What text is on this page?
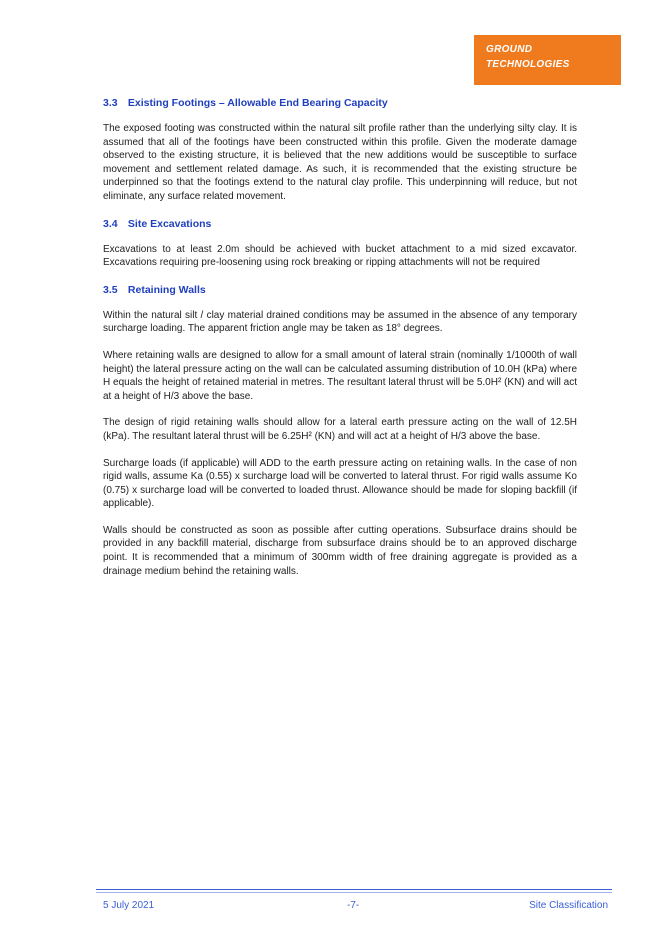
GROUND
TECHNOLOGIES
3.3 Existing Footings – Allowable End Bearing Capacity

The exposed footing was constructed within the natural silt profile rather than the underlying silty clay. It is assumed that all of the footings have been constructed within this profile. Given the moderate damage observed to the existing structure, it is believed that the new additions would be susceptible to surface movement and settlement related damage. As such, it is recommended that the existing structure be underpinned so that the footings extend to the natural clay profile. This underpinning will reduce, but not eliminate, any surface related movement.

3.4 Site Excavations

Excavations to at least 2.0m should be achieved with bucket attachment to a mid sized excavator. Excavations requiring pre-loosening using rock breaking or ripping attachments will not be required

3.5 Retaining Walls

Within the natural silt / clay material drained conditions may be assumed in the absence of any temporary surcharge loading. The apparent friction angle may be taken as 18° degrees.

Where retaining walls are designed to allow for a small amount of lateral strain (nominally 1/1000th of wall height) the lateral pressure acting on the wall can be calculated assuming distribution of 10.0H (kPa) where H equals the height of retained material in metres. The resultant lateral thrust will be 5.0H² (KN) and will act at a height of H/3 above the base.

The design of rigid retaining walls should allow for a lateral earth pressure acting on the wall of 12.5H (kPa). The resultant lateral thrust will be 6.25H² (KN) and will act at a height of H/3 above the base.

Surcharge loads (if applicable) will ADD to the earth pressure acting on retaining walls. In the case of non rigid walls, assume Ka (0.55) x surcharge load will be converted to lateral thrust. For rigid walls assume Ko (0.75) x surcharge load will be converted to loaded thrust. Allowance should be made for sloping backfill (if applicable).

Walls should be constructed as soon as possible after cutting operations. Subsurface drains should be provided in any backfill material, discharge from subsurface drains should be to an approved discharge point. It is recommended that a minimum of 300mm width of free draining aggregate is provided as a drainage medium behind the retaining walls.

5 July 2021	-7-	Site Classification
